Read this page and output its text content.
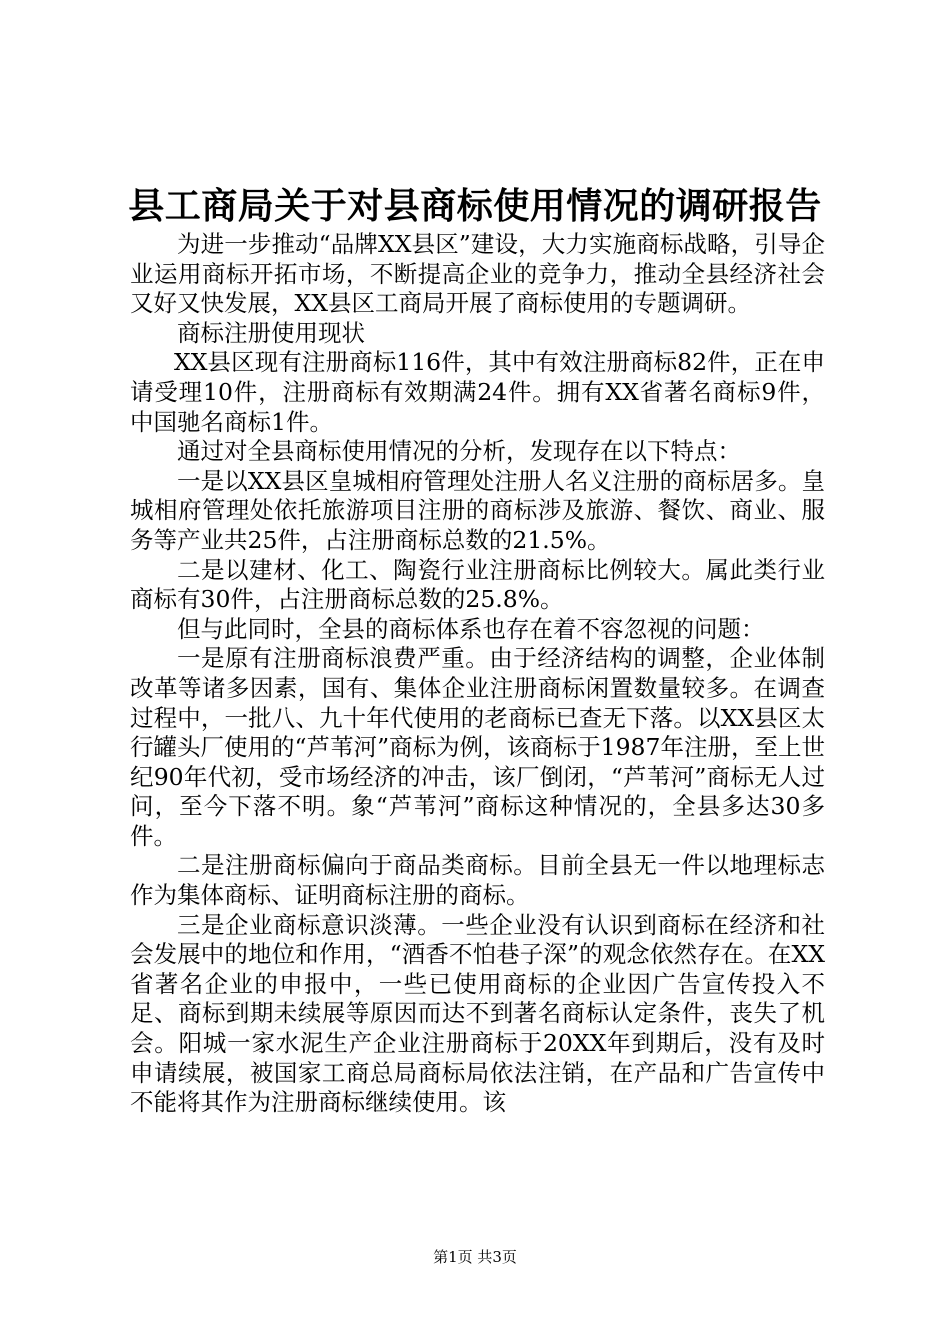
县工商局关于对县商标使用情况的调研报告

为进一步推动“品牌XX县区”建设，大力实施商标战略，引导企业运用商标开拓市场，不断提高企业的竞争力，推动全县经济社会又好又快发展，XX县区工商局开展了商标使用的专题调研。

商标注册使用现状

XX县区现有注册商标116件，其中有效注册商标82件，正在申请受理10件，注册商标有效期满24件。拥有XX省著名商标9件，中国驰名商标1件。

通过对全县商标使用情况的分析，发现存在以下特点：

一是以XX县区皇城相府管理处注册人名义注册的商标居多。皇城相府管理处依托旅游项目注册的商标涉及旅游、餐饮、商业、服务等产业共25件，占注册商标总数的21.5%。

二是以建材、化工、陶瓷行业注册商标比例较大。属此类行业商标有30件，占注册商标总数的25.8%。

但与此同时，全县的商标体系也存在着不容忽视的问题：

一是原有注册商标浪费严重。由于经济结构的调整，企业体制改革等诸多因素，国有、集体企业注册商标闲置数量较多。在调查过程中，一批八、九十年代使用的老商标已查无下落。以XX县区太行罐头厂使用的“芦苇河”商标为例，该商标于1987年注册，至上世纪90年代初，受市场经济的冲击，该厂倒闭，“芦苇河”商标无人过问，至今下落不明。象“芦苇河”商标这种情况的，全县多达30多件。

二是注册商标偏向于商品类商标。目前全县无一件以地理标志作为集体商标、证明商标注册的商标。

三是企业商标意识淡薄。一些企业没有认识到商标在经济和社会发展中的地位和作用，“酒香不怕巷子深”的观念依然存在。在XX省著名企业的申报中，一些已使用商标的企业因广告宣传投入不足、商标到期未续展等原因而达不到著名商标认定条件，丧失了机会。阳城一家水泥生产企业注册商标于20XX年到期后，没有及时申请续展，被国家工商总局商标局依法注销，在产品和广告宣传中不能将其作为注册商标继续使用。该

第1页 共3页
